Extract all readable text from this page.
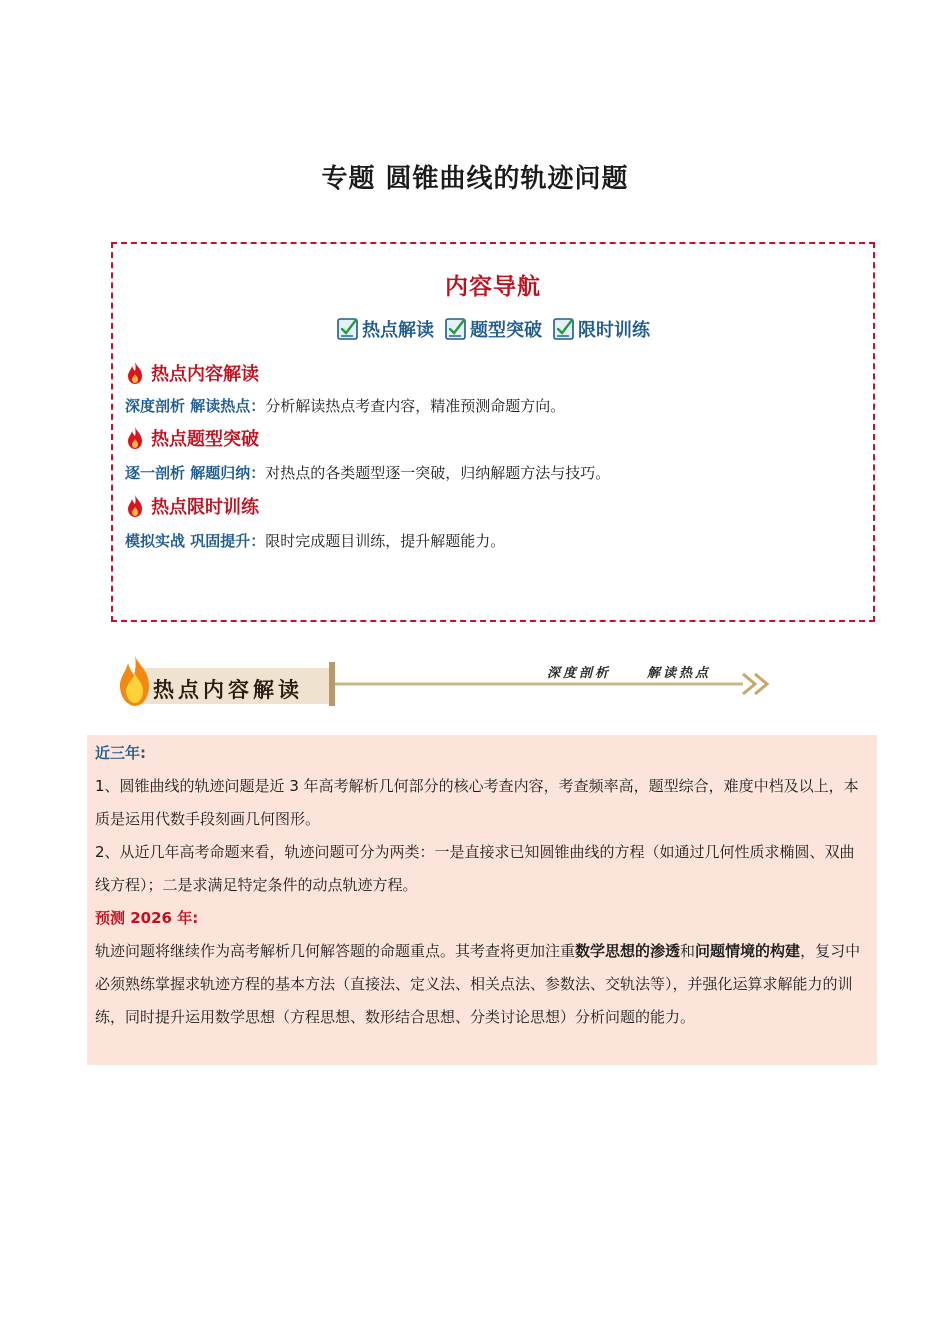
专题 圆锥曲线的轨迹问题
内容导航
热点解读 题型突破 限时训练
热点内容解读
深度剖析 解读热点：分析解读热点考查内容，精准预测命题方向。
热点题型突破
逐一剖析 解题归纳：对热点的各类题型逐一突破，归纳解题方法与技巧。
热点限时训练
模拟实战 巩固提升：限时完成题目训练，提升解题能力。
热点内容解读
深度剖析	解读热点

近三年:

1、圆锥曲线的轨迹问题是近 3 年高考解析几何部分的核心考查内容，考查频率高，题型综合，难度中档及以上，本质是运用代数手段刻画几何图形。

2、从近几年高考命题来看，轨迹问题可分为两类：一是直接求已知圆锥曲线的方程（如通过几何性质求椭圆、双曲线方程）；二是求满足特定条件的动点轨迹方程。

预测 2026 年:

轨迹问题将继续作为高考解析几何解答题的命题重点。其考查将更加注重数学思想的渗透和问题情境的构建，复习中必须熟练掌握求轨迹方程的基本方法（直接法、定义法、相关点法、参数法、交轨法等），并强化运算求解能力的训练，同时提升运用数学思想（方程思想、数形结合思想、分类讨论思想）分析问题的能力。
